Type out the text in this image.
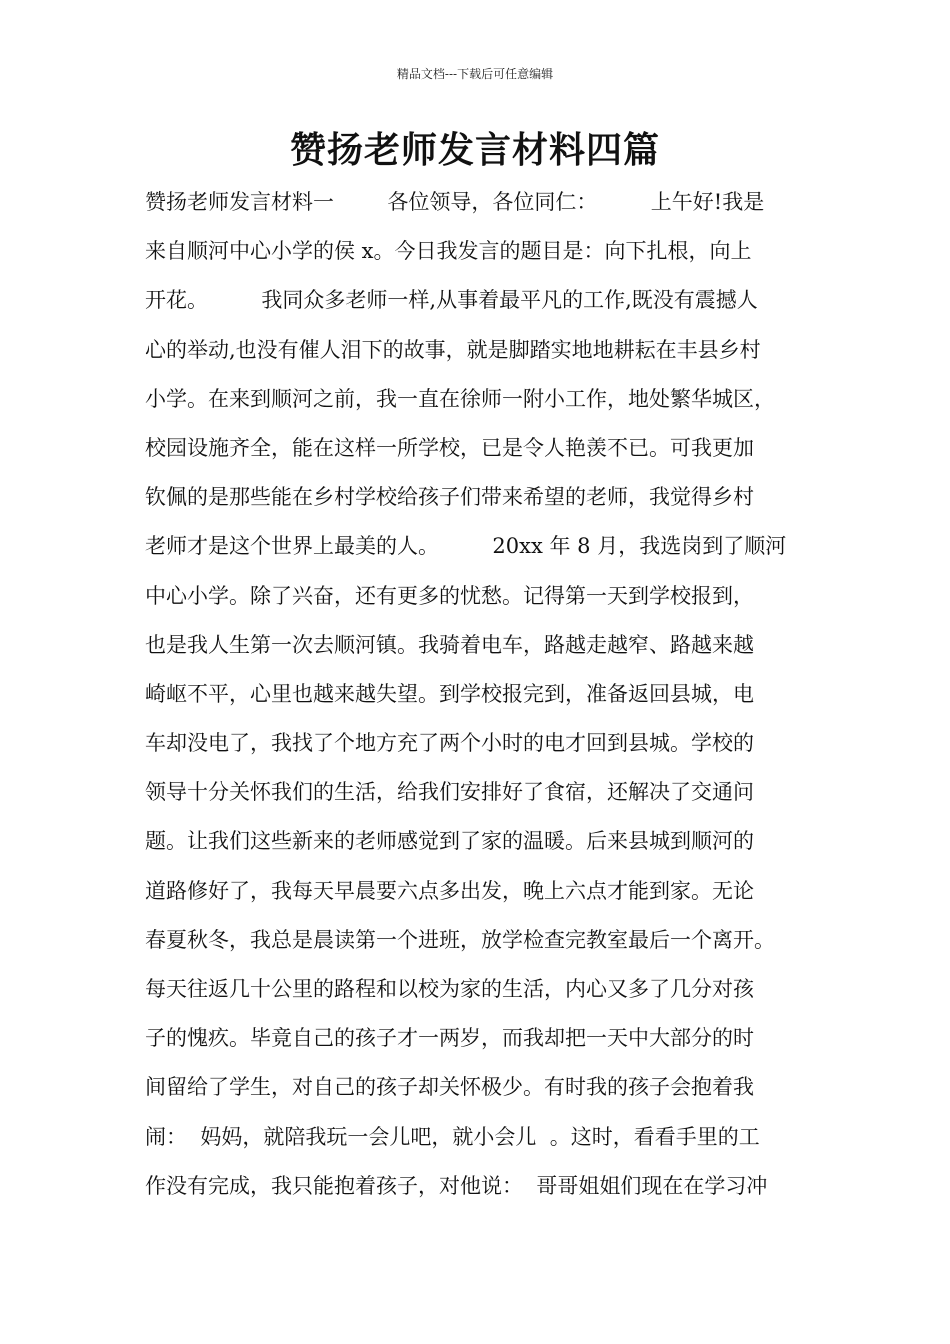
精品文档---下载后可任意编辑
赞扬老师发言材料四篇
赞扬老师发言材料一        各位领导，各位同仁：        上午好!我是
来自顺河中心小学的侯 x。今日我发言的题目是：向下扎根，向上
开花。        我同众多老师一样,从事着最平凡的工作,既没有震撼人
心的举动,也没有催人泪下的故事，就是脚踏实地地耕耘在丰县乡村
小学。在来到顺河之前，我一直在徐师一附小工作，地处繁华城区，
校园设施齐全，能在这样一所学校，已是令人艳羡不已。可我更加
钦佩的是那些能在乡村学校给孩子们带来希望的老师，我觉得乡村
老师才是这个世界上最美的人。        20xx 年 8 月，我选岗到了顺河
中心小学。除了兴奋，还有更多的忧愁。记得第一天到学校报到，
也是我人生第一次去顺河镇。我骑着电车，路越走越窄、路越来越
崎岖不平，心里也越来越失望。到学校报完到，准备返回县城，电
车却没电了，我找了个地方充了两个小时的电才回到县城。学校的
领导十分关怀我们的生活，给我们安排好了食宿，还解决了交通问
题。让我们这些新来的老师感觉到了家的温暖。后来县城到顺河的
道路修好了，我每天早晨要六点多出发，晚上六点才能到家。无论
春夏秋冬，我总是晨读第一个进班，放学检查完教室最后一个离开。
每天往返几十公里的路程和以校为家的生活，内心又多了几分对孩
子的愧疚。毕竟自己的孩子才一两岁，而我却把一天中大部分的时
间留给了学生，对自己的孩子却关怀极少。有时我的孩子会抱着我
闹：  妈妈，就陪我玩一会儿吧，就小会儿  。这时，看看手里的工
作没有完成，我只能抱着孩子，对他说：  哥哥姐姐们现在在学习冲
